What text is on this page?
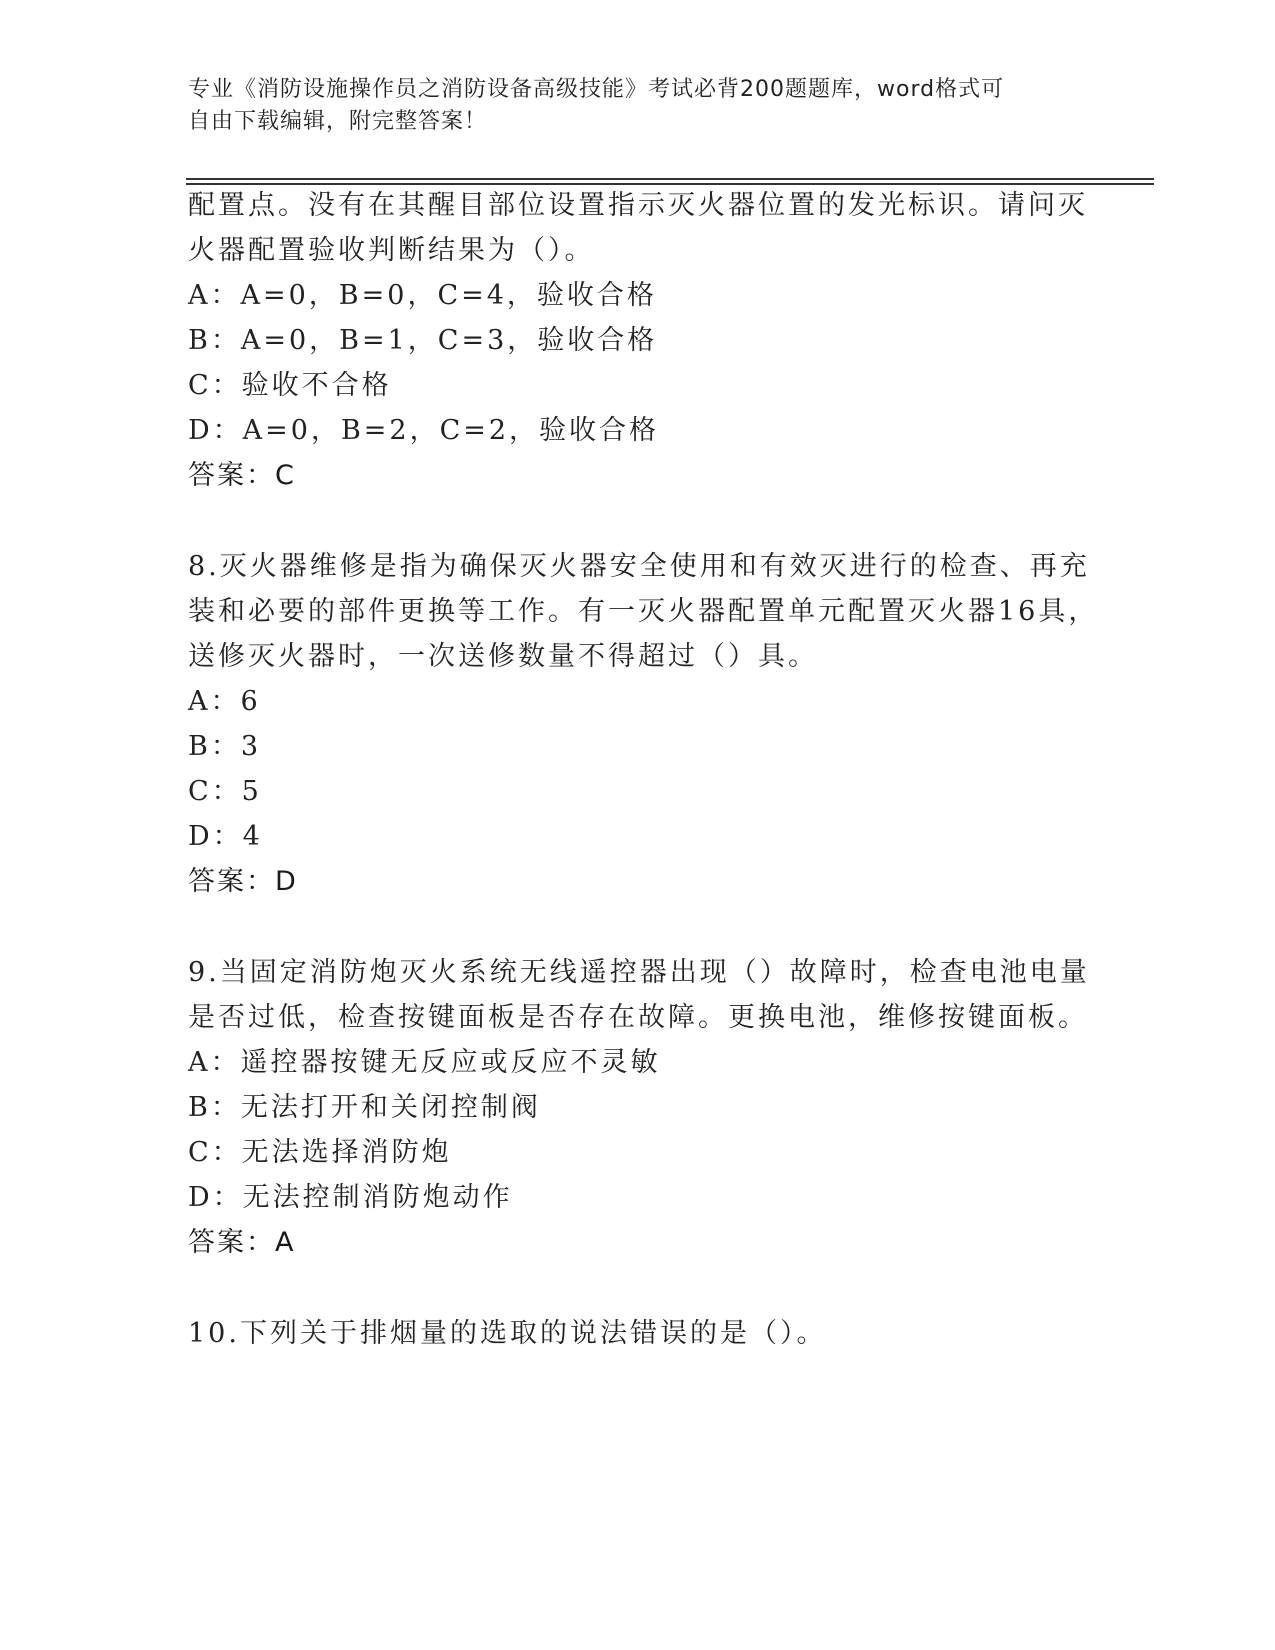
专业《消防设施操作员之消防设备高级技能》考试必背200题题库，word格式可
自由下载编辑，附完整答案！
配置点。没有在其醒目部位设置指示灭火器位置的发光标识。请问灭
火器配置验收判断结果为（）。
A：A=0，B=0，C=4，验收合格
B：A=0，B=1，C=3，验收合格
C：验收不合格
D：A=0，B=2，C=2，验收合格
答案：C
8.灭火器维修是指为确保灭火器安全使用和有效灭进行的检查、再充
装和必要的部件更换等工作。有一灭火器配置单元配置灭火器16具，
送修灭火器时，一次送修数量不得超过（）具。
A：6
B：3
C：5
D：4
答案：D
9.当固定消防炮灭火系统无线遥控器出现（）故障时，检查电池电量
是否过低，检查按键面板是否存在故障。更换电池，维修按键面板。
A：遥控器按键无反应或反应不灵敏
B：无法打开和关闭控制阀
C：无法选择消防炮
D：无法控制消防炮动作
答案：A
10.下列关于排烟量的选取的说法错误的是（）。
